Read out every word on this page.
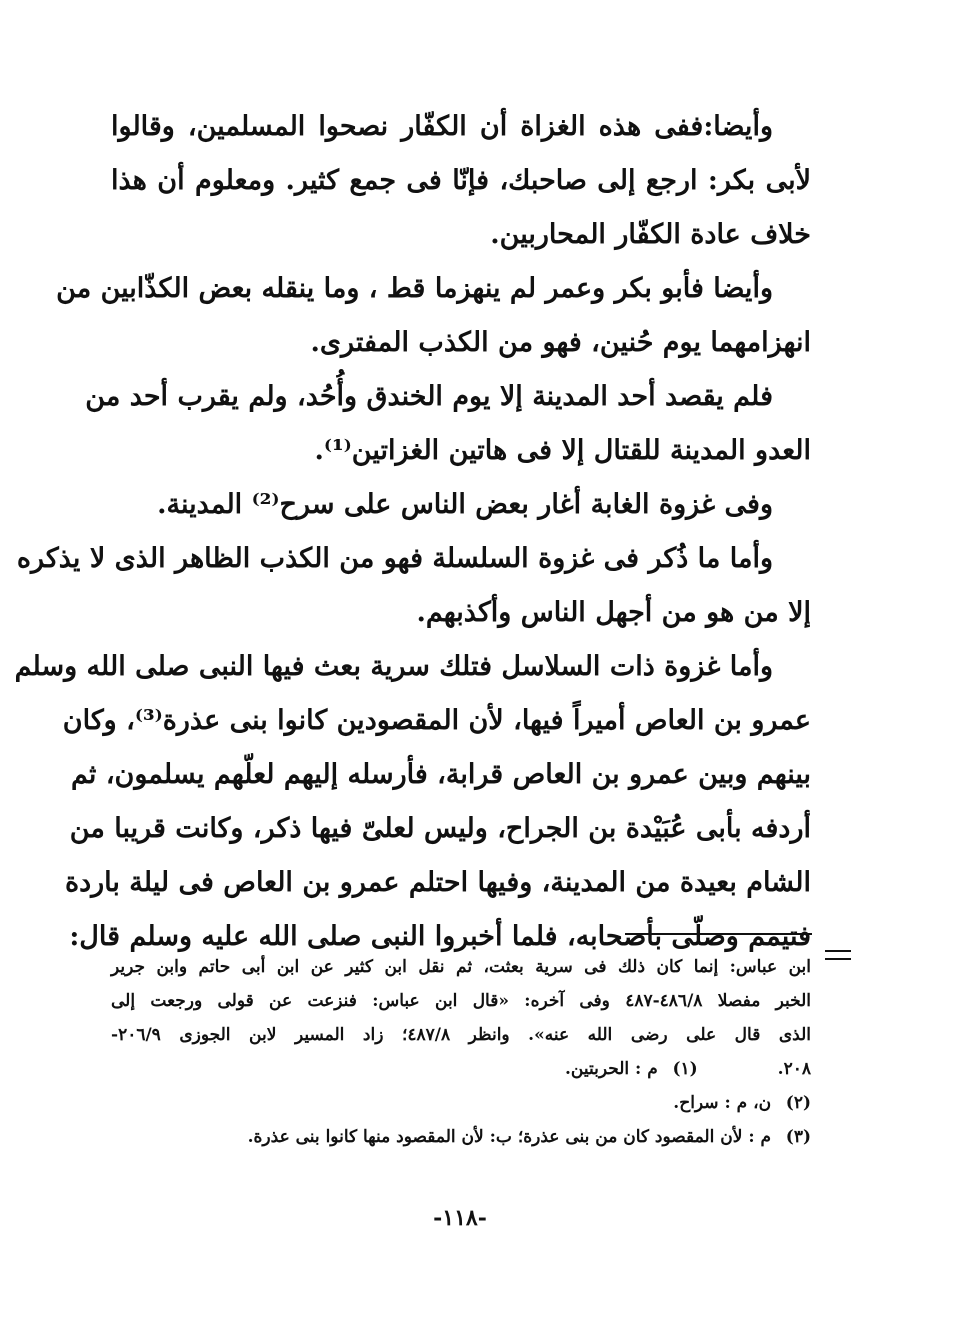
وأيضا:ففى هذه الغزاة أن الكفّار نصحوا المسلمين، وقالوا
لأبى بكر: ارجع إلى صاحبك، فإنّا فى جمع كثير. ومعلوم أن هذا
خلاف عادة الكفّار المحاربين.
وأيضا فأبو بكر وعمر لم ينهزما قط ، وما ينقله بعض الكذّابين من
انهزامهما يوم حُنين، فهو من الكذب المفترى.
فلم يقصد أحد المدينة إلا يوم الخندق وأُحُد، ولم يقرب أحد من
العدو المدينة للقتال إلا فى هاتين الغزاتين⁽¹⁾.
وفى غزوة الغابة أغار بعض الناس على سرح⁽²⁾ المدينة.
وأما ما ذُكر فى غزوة السلسلة فهو من الكذب الظاهر الذى لا يذكره
إلا من هو من أجهل الناس وأكذبهم.
وأما غزوة ذات السلاسل فتلك سرية بعث فيها النبى صلى الله وسلم
عمرو بن العاص أميراً فيها، لأن المقصودين كانوا بنى عذرة⁽³⁾، وكان
بينهم وبين عمرو بن العاص قرابة، فأرسله إليهم لعلّهم يسلمون، ثم
أردفه بأبى عُبَيْدة بن الجراح، وليس لعلىّ فيها ذكر، وكانت قريبا من
الشام بعيدة من المدينة، وفيها احتلم عمرو بن العاص فى ليلة باردة
فتيمم وصلّى بأصحابه، فلما أخبروا النبى صلى الله عليه وسلم قال:
ابن عباس: إنما كان ذلك فى سرية بعثت، ثم نقل ابن كثير عن ابن أبى حاتم وابن جرير
الخبر مفصلا ٤٨٦/٨-٤٨٧ وفى آخره: «قال ابن عباس: فنزعت عن قولى ورجعت إلى
الذى قال على رضى الله عنه». وانظر ٤٨٧/٨؛ زاد المسير لابن الجوزى ٢٠٦/٩-
٢٠٨.
(١) م : الحربتين.
(٢) ن، م : سراح.
(٣) م : لأن المقصود كان من بنى عذرة؛ ب: لأن المقصود منها كانوا بنى عذرة.
-١١٨-
